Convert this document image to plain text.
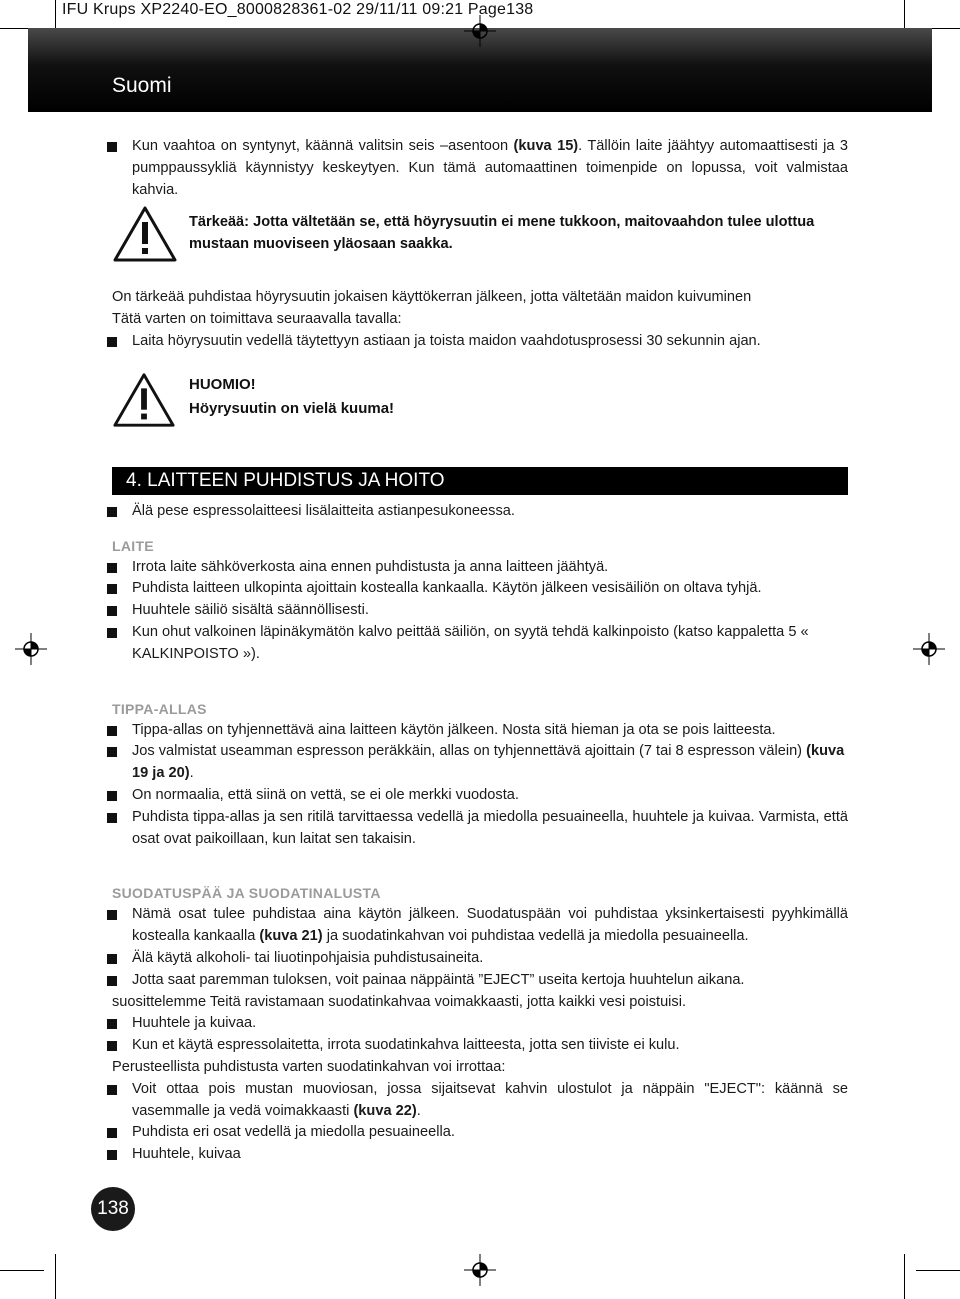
IFU Krups XP2240-EO_8000828361-02 29/11/11 09:21 Page138
Suomi
Kun vaahtoa on syntynyt, käännä valitsin seis –asentoon (kuva 15). Tällöin laite jäähtyy automaattisesti ja 3 pumppaussykliä käynnistyy keskeytyen. Kun tämä automaattinen toimenpide on lopussa, voit valmistaa kahvia.
Tärkeää: Jotta vältetään se, että höyrysuutin ei mene tukkoon, maitovaahdon tulee ulottua mustaan muoviseen yläosaan saakka.
On tärkeää puhdistaa höyrysuutin jokaisen käyttökerran jälkeen, jotta vältetään maidon kuivuminen
Tätä varten on toimittava seuraavalla tavalla:
Laita höyrysuutin vedellä täytettyyn astiaan ja toista maidon vaahdotusprosessi 30 sekunnin ajan.
HUOMIO!
Höyrysuutin on vielä kuuma!
4. LAITTEEN PUHDISTUS JA HOITO
Älä pese espressolaitteesi lisälaitteita astianpesukoneessa.
LAITE
Irrota laite sähköverkosta aina ennen puhdistusta ja anna laitteen jäähtyä.
Puhdista laitteen ulkopinta ajoittain kostealla kankaalla. Käytön jälkeen vesisäiliön on oltava tyhjä.
Huuhtele säiliö sisältä säännöllisesti.
Kun ohut valkoinen läpinäkymätön kalvo peittää säiliön, on syytä tehdä kalkinpoisto (katso kappaletta 5 « KALKINPOISTO »).
TIPPA-ALLAS
Tippa-allas on tyhjennettävä aina laitteen käytön jälkeen. Nosta sitä hieman ja ota se pois laitteesta.
Jos valmistat useamman espresson peräkkäin, allas on tyhjennettävä ajoittain (7 tai 8 espresson välein) (kuva 19 ja 20).
On normaalia, että siinä on vettä, se ei ole merkki vuodosta.
Puhdista tippa-allas ja sen ritilä tarvittaessa vedellä ja miedolla pesuaineella, huuhtele ja kuivaa. Varmista, että osat ovat paikoillaan, kun laitat sen takaisin.
SUODATUSPÄÄ JA SUODATINALUSTA
Nämä osat tulee puhdistaa aina käytön jälkeen. Suodatuspään voi puhdistaa yksinkertaisesti pyyhkimällä kostealla kankaalla (kuva 21) ja suodatinkahvan voi puhdistaa vedellä ja miedolla pesuaineella.
Älä käytä alkoholi- tai liuotinpohjaisia puhdistusaineita.
Jotta saat paremman tuloksen, voit painaa näppäintä ”EJECT” useita kertoja huuhtelun aikana.
suosittelemme Teitä ravistamaan suodatinkahvaa voimakkaasti, jotta kaikki vesi poistuisi.
Huuhtele ja kuivaa.
Kun et käytä espressolaitetta, irrota suodatinkahva laitteesta, jotta sen tiiviste ei kulu.
Perusteellista puhdistusta varten suodatinkahvan voi irrottaa:
Voit ottaa pois mustan muoviosan, jossa sijaitsevat kahvin ulostulot ja näppäin "EJECT": käännä se vasemmalle ja vedä voimakkaasti (kuva 22).
Puhdista eri osat vedellä ja miedolla pesuaineella.
Huuhtele, kuivaa
138
